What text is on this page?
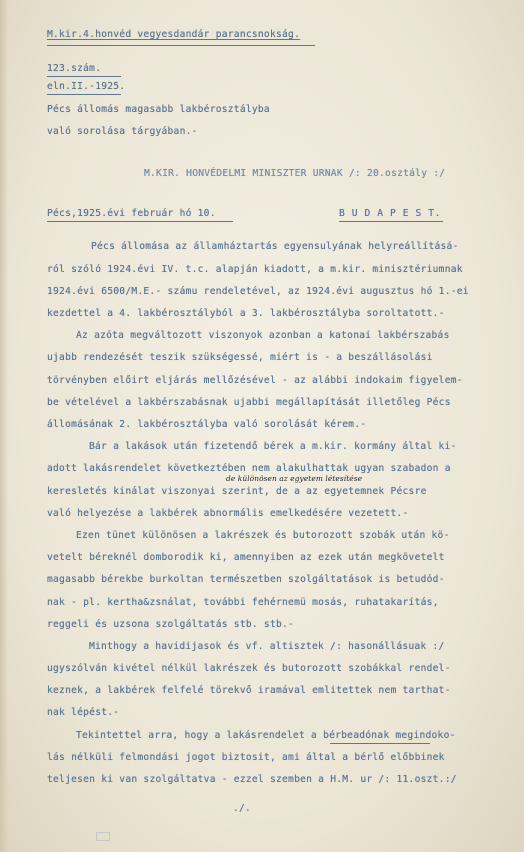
M.kir.4.honvéd vegyesdandár parancsnokság.
123.szám.
eln.II.-1925.
Pécs állomás magasabb lakbérosztályba
való sorolása tárgyában.-
M.KIR. HONVÉDELMI MINISZTER URNAK /: 20.osztály :/
Pécs,1925.évi február hó 10.	B U D A P E S T.
Pécs állomása az államháztartás egyensulyának helyreállításá-
ról szóló 1924.évi IV. t.c. alapján kiadott, a m.kir. minisztériumnak
1924.évi 6500/M.E.- számu rendeletével, az 1924.évi augusztus hó 1.-ei
kezdettel a 4. lakbérosztályból a 3. lakbérosztályba soroltatott.-
Az azóta megváltozott viszonyok azonban a katonai lakbérszabás
ujabb rendezését teszik szükségessé, miért is - a beszállásolási
törvényben előirt eljárás mellőzésével - az alábbi indokaim figyelem-
be vételével a lakbérszabásnak ujabbi megállapítását illetőleg Pécs
állomásának 2. lakbérosztályba való sorolását kérem.-
Bár a lakások után fizetendő bérek a m.kir. kormány által ki-
adott lakásrendelet következtében nem alakulhattak ugyan szabadon a
de különösen az egyetem létesítése
keresletés kinálat viszonyai szerint, de a az egyetemnek Pécsre
való helyezése a lakbérek abnormális emelkedésére vezetett.-
Ezen tünet különösen a lakrészek és butorozott szobák után kö-
vetelt béreknél domborodik ki, amennyiben az ezek után megkövetelt
magasabb bérekbe burkoltan természetben szolgáltatások is betudód-
nak - pl. kertha&zsnálat, további fehérnemü mosás, ruhatakarítás,
reggeli és uzsona szolgáltatás stb. stb.-
Minthogy a havidijasok és vf. altisztek /: hasonállásuak :/
ugyszólván kivétel nélkül lakrészek és butorozott szobákkal rendel-
keznek, a lakbérek felfelé törekvő iramával emlitettek nem tarthat-
nak lépést.-
Tekintettel arra, hogy a lakásrendelet a bérbeadónak megindoko-
lás nélküli felmondási jogot biztosit, ami által a bérlő előbbinek
teljesen ki van szolgáltatva - ezzel szemben a H.M. ur /: 11.oszt.:/
./.
